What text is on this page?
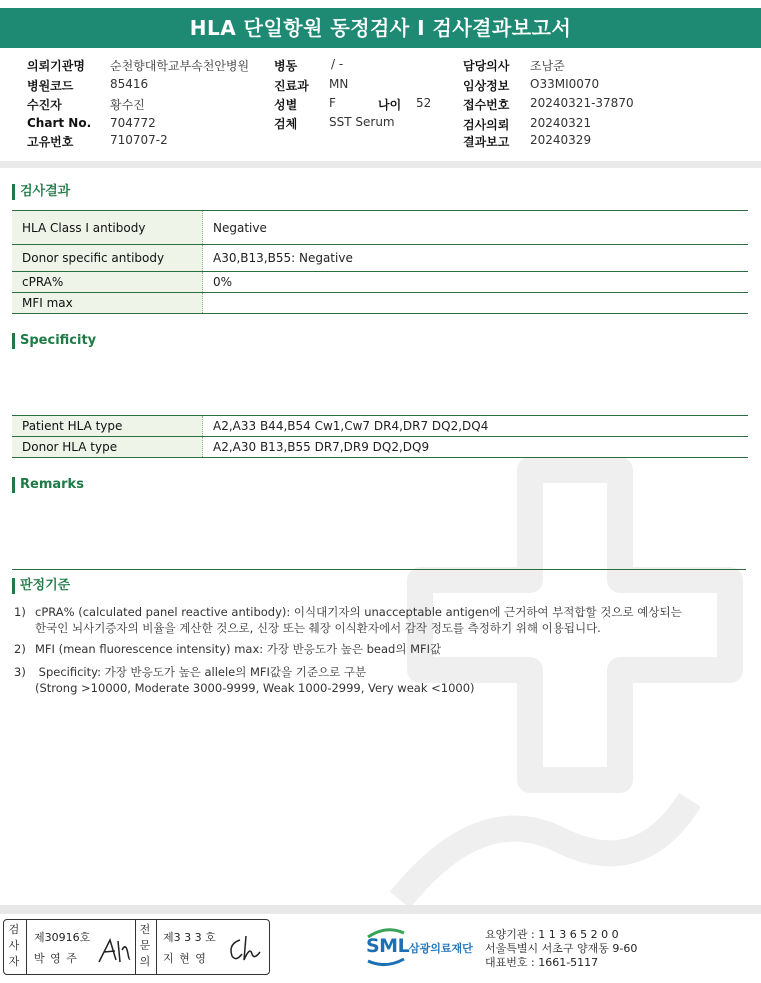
HLA 단일항원 동정검사 I 검사결과보고서
의뢰기관명 순천향대학교부속천안병원
병원코드	85416
수진자	황수진
Chart No. 704772
고유번호	710707-2
병동	/ -
진료과 MN
성별	F	나이 52
검체	SST Serum
담당의사 조남준
임상정보 O33MI0070
접수번호 20240321-37870
검사의뢰 20240321
결과보고 20240329
검사결과
HLA Class I antibody	Negative
Donor specific antibody	A30,B13,B55: Negative
cPRA%	0%
MFI max	
Specificity
Patient HLA type	A2,A33 B44,B54 Cw1,Cw7 DR4,DR7 DQ2,DQ4
Donor HLA type	A2,A30 B13,B55 DR7,DR9 DQ2,DQ9
Remarks
판정기준
1) cPRA% (calculated panel reactive antibody): 이식대기자의 unacceptable antigen에 근거하여 부적합할 것으로 예상되는
한국인 뇌사기증자의 비율을 계산한 것으로, 신장 또는 췌장 이식환자에서 감작 정도를 측정하기 위해 이용됩니다.
2) MFI (mean fluorescence intensity) max: 가장 반응도가 높은 bead의 MFI값
3) Specificity: 가장 반응도가 높은 allele의 MFI값을 기준으로 구분
(Strong >10000, Moderate 3000-9999, Weak 1000-2999, Very weak <1000)
검
사
자
제30916호
박 영 주
전
문
의
제3 3 3 호
지 현 영
SML 삼광의료재단
요양기관 : 1 1 3 6 5 2 0 0
서울특별시 서초구 양재동 9-60
대표번호 : 1661-5117
